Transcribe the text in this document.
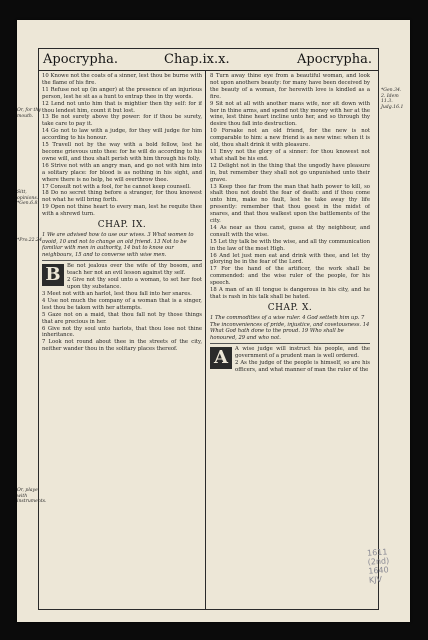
Apocrypha.	Chap.ix.x.	Apocrypha.

10 Knowe not the coats of a sinner, lest thou be burne with the flame of his fire.

11 Refuse not up (in anger) at the presence of an injurious person, lest he sit as a hunt to entrap thee in thy words.

12 Lend not unto him that is mightier then thy self: for if thou lendest him, count it but lost.

13 Be not surety above thy power: for if thou be surety, take care to pay it.

14 Go not to law with a judge, for they will judge for him according to his honour.

15 Travell not by the way with a bold fellow, lest he become grievous unto thee: for he will do according to his owne will, and thou shalt perish with him through his folly.

16 Strive not with an angry man, and go not with him into a solitary place: for blood is as nothing in his sight, and where there is no help, he will overthrow thee.

17 Consult not with a fool, for he cannot keep counsell.

18 Do no secret thing before a stranger, for thou knowest not what he will bring forth.

19 Open not thine heart to every man, lest he requite thee with a shrewd turn.

CHAP. IX.
1 We are advised how to use our wives. 3 What women to avoid, 10 and not to change an old friend. 13 Not to be familiar with men in authority, 14 but to know our neighbours, 15 and to converse with wise men.
B	Be not jealous over the wife of thy bosom, and teach her not an evil lesson against thy self.

2 Give not thy soul unto a woman, to set her foot upon thy substance.

3 Meet not with an harlot, lest thou fall into her snares.

4 Use not much the company of a woman that is a singer, lest thou be taken with her attempts.

5 Gaze not on a maid, that thou fall not by those things that are precious in her.

6 Give not thy soul unto harlots, that thou lose not thine inheritance.

7 Look not round about thee in the streets of the city, neither wander thou in the solitary places thereof.

8 Turn away thine eye from a beautiful woman, and look not upon anothers beauty: for many have been deceived by the beauty of a woman, for herewith love is kindled as a fire.

9 Sit not at all with another mans wife, nor sit down with her in thine arms, and spend not thy money with her at the wine, lest thine heart incline unto her, and so through thy desire thou fall into destruction.

10 Forsake not an old friend, for the new is not comparable to him: a new friend is as new wine: when it is old, thou shalt drink it with pleasure.

11 Envy not the glory of a sinner: for thou knowest not what shall be his end.

12 Delight not in the thing that the ungodly have pleasure in, but remember they shall not go unpunished unto their grave.

13 Keep thee far from the man that hath power to kill, so shalt thou not doubt the fear of death: and if thou come unto him, make no fault, lest he take away thy life presently: remember that thou goest in the midst of snares, and that thou walkest upon the battlements of the city.

14 As near as thou canst, guess at thy neighbour, and consult with the wise.

15 Let thy talk be with the wise, and all thy communication in the law of the most High.

16 And let just men eat and drink with thee, and let thy glorying be in the fear of the Lord.

17 For the hand of the artificer, the work shall be commended: and the wise ruler of the people, for his speech.

18 A man of an ill tongue is dangerous in his city, and he that is rash in his talk shall be hated.

CHAP. X.
1 The commodities of a wise ruler. 4 God setteth him up. 7 The inconveniences of pride, injustice, and covetousness. 14 What God hath done to the proud. 19 Who shall be honoured, 29 and who not.
A	A wise judge will instruct his people, and the government of a prudent man is well ordered.

2 As the judge of the people is himself, so are his officers, and what manner of man the ruler of the

Or, for thy mouth.
Sitt, opinions. *Gen.6.8.
*Pro.22.24.
Or, playe with instruments.
*Gen.34. 2. Idem 11.3. Judg.16.1
1611
(2nd)
1640
KJV
